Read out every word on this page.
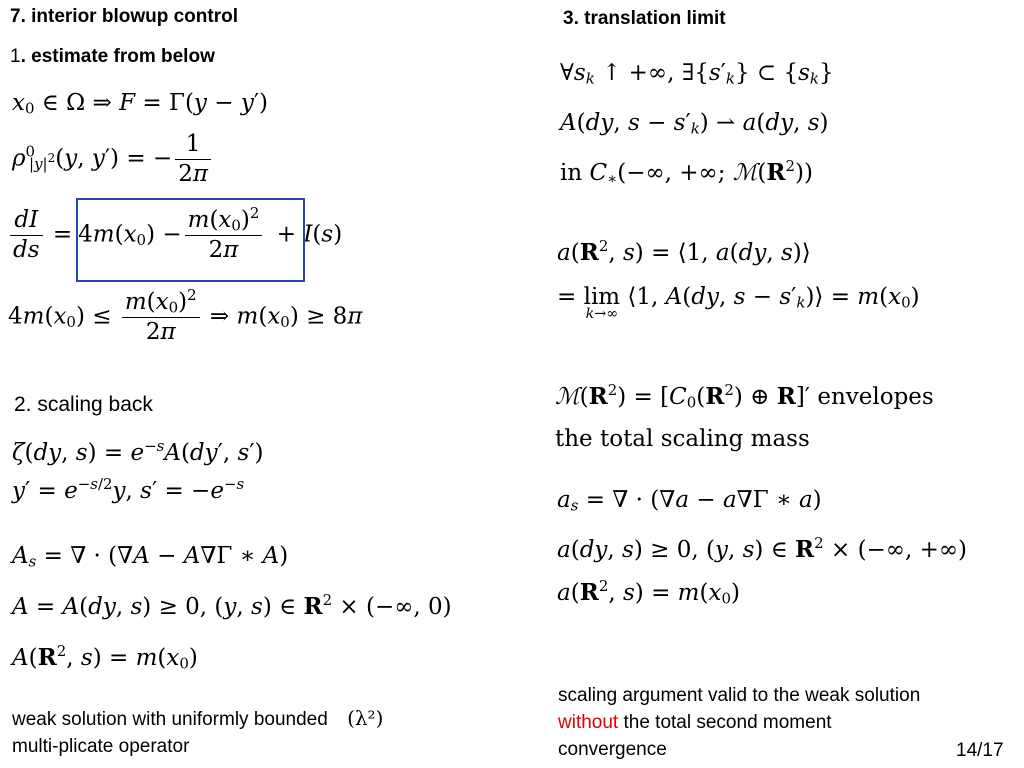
7. interior blowup control
1. estimate from below
$x_0$ ∈ Ω ⇒ F = Γ(y − y′)
$\rho^0_{|y|^2}(y$, y′) = − $\frac{1}{2\pi}$
$\frac{dI}{ds} = 4m(x_0) - \frac{m(x_0)^2}{2\pi} + I(s)$
$4m(x_0) \le \frac{m(x_0)^2}{2\pi}$ ⇒ $m(x_0) \ge 8\pi$
2. scaling back
ζ(dy, $s) = e^{-s}A(dy'$, s′)
$y' = e^{-s/2}y$, $s' = -e^{-s}$
$A_s$ = ∇ · (∇A − A∇Γ ∗ A)
A = A(dy, s) ≥ 0, (y, s) ∈ $R^2$ × (−∞, 0)
$A(R^2$, $s) = m(x_0)$
weak solution with uniformly bounded (λ²)
multi-plicate operator
3. translation limit
$\forall s_k$ ↑ +∞, $\exists\{s'_k\}$ ⊂ $\{s_k\}$
A(dy, $s - s'_k$) ⇀ a(dy, s)
in $C_∗(-\infty$, +∞; $ℳ(R^2)$)
$a(R^2$, s) = ⟨1, a(dy, s)⟩
= lim

k→∞
⟨1, A(dy, $s - s'_k)⟩ = m(x_0)$
$ℳ(R^2) = [C_0(R^2)$ ⊕ R]′ envelopes
the total scaling mass
$a_s$ = ∇ · (∇a − a∇Γ ∗ a)
a(dy, s) ≥ 0, (y, s) ∈ $R^2$ × (−∞, +∞)
$a(R^2$, $s) = m(x_0)$
scaling argument valid to the weak solution
without the total second moment
convergence	14/17
